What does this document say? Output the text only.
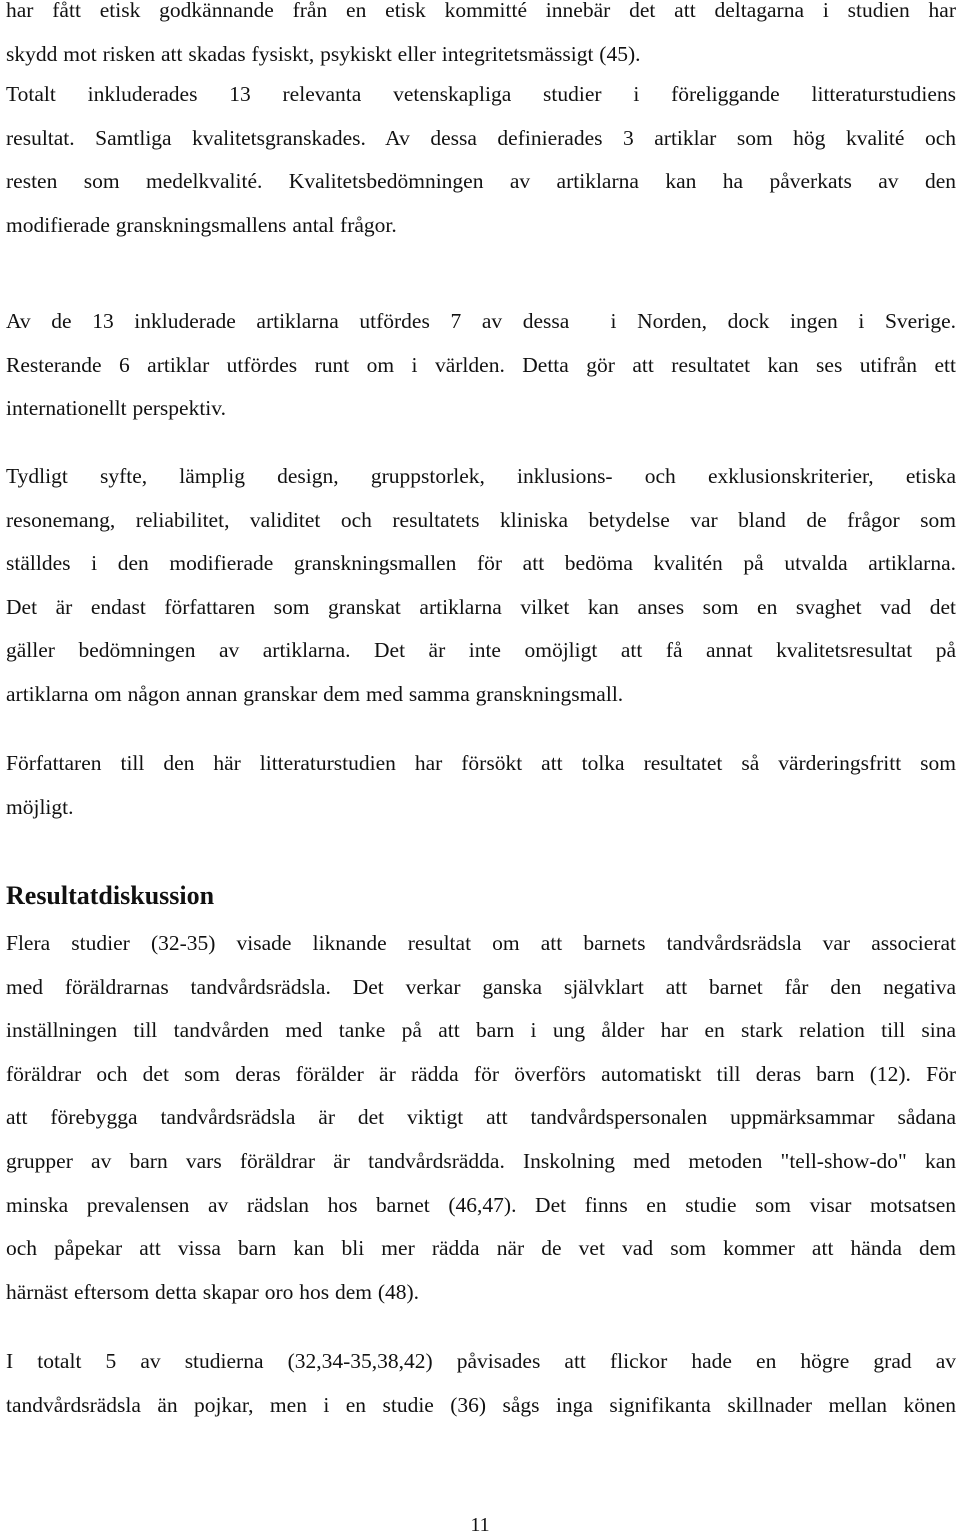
har fått etisk godkännande från en etisk kommitté innebär det att deltagarna i studien har
skydd mot risken att skadas fysiskt, psykiskt eller integritetsmässigt (45).

Totalt inkluderades 13 relevanta vetenskapliga studier i föreliggande litteraturstudiens
resultat. Samtliga kvalitetsgranskades. Av dessa definierades 3 artiklar som hög kvalité och
resten som medelkvalité. Kvalitetsbedömningen av artiklarna kan ha påverkats av den
modifierade granskningsmallens antal frågor.

Av de 13 inkluderade artiklarna utfördes 7 av dessa  i Norden, dock ingen i Sverige.
Resterande 6 artiklar utfördes runt om i världen. Detta gör att resultatet kan ses utifrån ett
internationellt perspektiv.

Tydligt syfte, lämplig design, gruppstorlek, inklusions- och exklusionskriterier, etiska
resonemang, reliabilitet, validitet och resultatets kliniska betydelse var bland de frågor som
ställdes i den modifierade granskningsmallen för att bedöma kvalitén på utvalda artiklarna.
Det är endast författaren som granskat artiklarna vilket kan anses som en svaghet vad det
gäller bedömningen av artiklarna. Det är inte omöjligt att få annat kvalitetsresultat på
artiklarna om någon annan granskar dem med samma granskningsmall.

Författaren till den här litteraturstudien har försökt att tolka resultatet så värderingsfritt som
möjligt.

Resultatdiskussion

Flera studier (32-35) visade liknande resultat om att barnets tandvårdsrädsla var associerat
med föräldrarnas tandvårdsrädsla. Det verkar ganska självklart att barnet får den negativa
inställningen till tandvården med tanke på att barn i ung ålder har en stark relation till sina
föräldrar och det som deras förälder är rädda för överförs automatiskt till deras barn (12). För
att förebygga tandvårdsrädsla är det viktigt att tandvårdspersonalen uppmärksammar sådana
grupper av barn vars föräldrar är tandvårdsrädda. Inskolning med metoden "tell-show-do" kan
minska prevalensen av rädslan hos barnet (46,47). Det finns en studie som visar motsatsen
och påpekar att vissa barn kan bli mer rädda när de vet vad som kommer att hända dem
härnäst eftersom detta skapar oro hos dem (48).

I totalt 5 av studierna (32,34-35,38,42) påvisades att flickor hade en högre grad av
tandvårdsrädsla än pojkar, men i en studie (36) sågs inga signifikanta skillnader mellan könen

11
